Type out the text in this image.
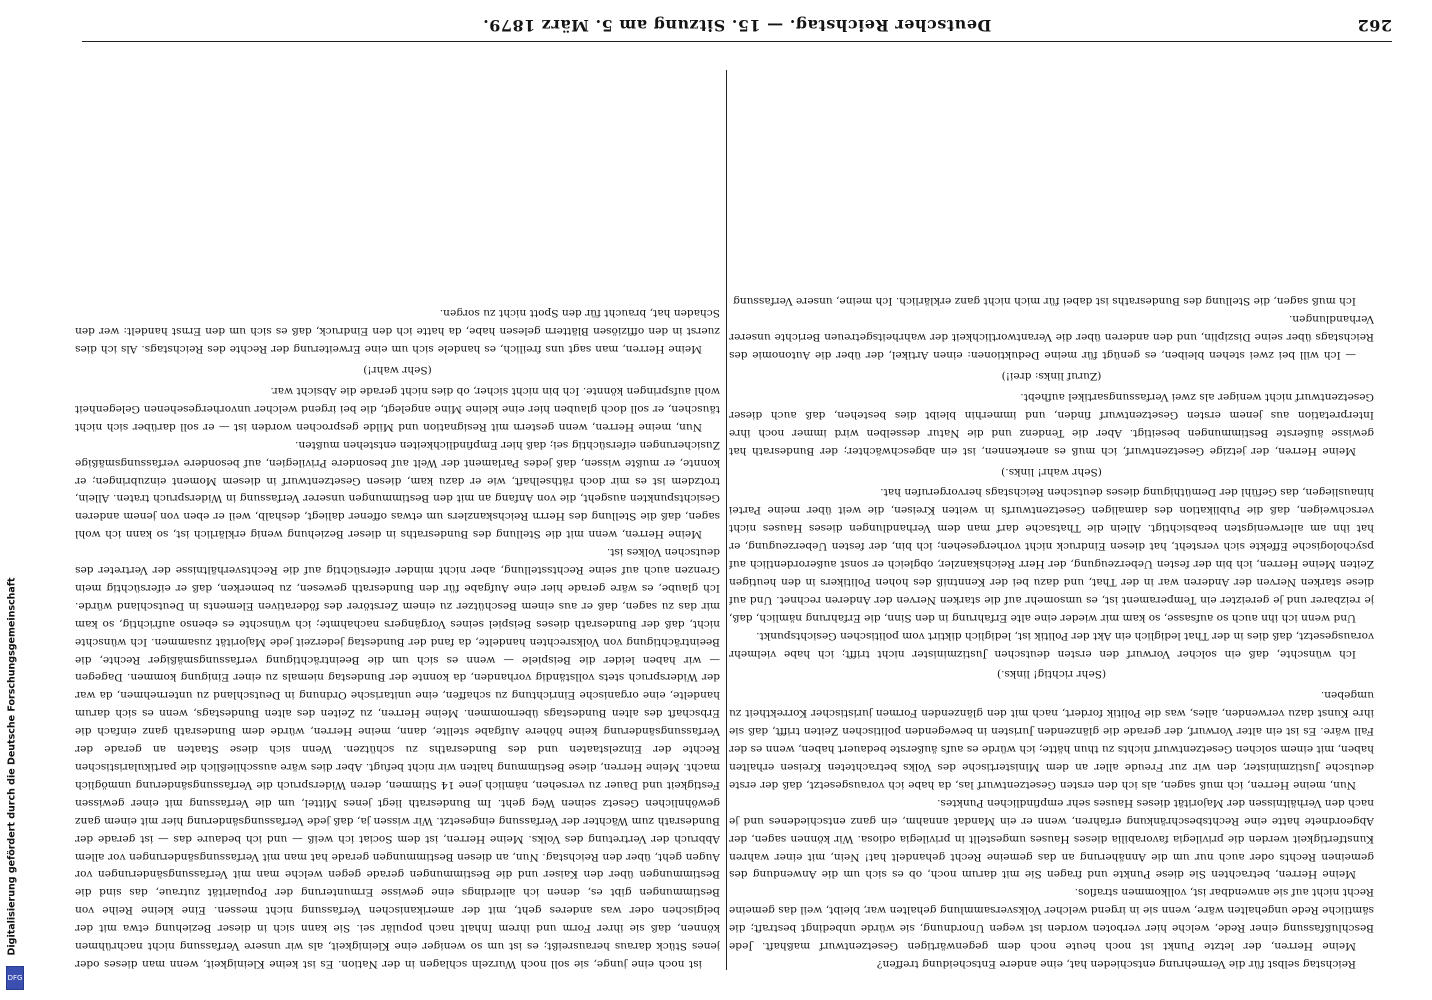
262
Deutscher Reichstag. — 15. Sitzung am 5. März 1879.

Reichstag selbst für die Vermehrung entschieden hat, eine andere Entscheidung treffen?

Meine Herren, der letzte Punkt ist noch heute noch dem gegenwärtigen Gesetzentwurf maßhaft. Jede Beschlußfassung einer Rede, welche hier verboten worden ist wegen Unordnung, sie würde unbedingt bestraft; die sämtliche Rede ungehalten wäre, wenn sie in irgend welcher Volksversammlung gehalten war, bleibt, weil das gemeine Recht nicht auf sie anwendbar ist, vollkommen straflos.

Meine Herren, betrachten Sie diese Punkte und fragen Sie mit darum noch, ob es sich um die Anwendung des gemeinen Rechts oder auch nur um die Annäherung an das gemeine Recht gehandelt hat! Nein, mit einer wahren Kunstfertigkeit werden die privilegia favorabilia dieses Hauses umgestellt in privilegia odiosa. Wir können sagen, der Abgeordnete hatte eine Rechtsbeschränkung erfahren, wenn er ein Mandat annahm, ein ganz entschiedenes und je nach den Verhältnissen der Majorität dieses Hauses sehr empfindlichen Punktes.

Nun, meine Herren, ich muß sagen, als ich den ersten Gesetzentwurf las, da habe ich vorausgesetzt, daß der erste deutsche Justizminister, den wir zur Freude aller an dem Ministertische des Volks betrachteten Kreisen erhalten haben, mit einem solchen Gesetzentwurf nichts zu thun hätte; ich würde es aufs äußerste bedauert haben, wenn es der Fall wäre. Es ist ein alter Vorwurf, der gerade die glänzenden Juristen in bewegenden politischen Zeiten trifft, daß sie ihre Kunst dazu verwenden, alles, was die Politik fordert, nach mit den glänzenden Formen juristischer Korrektheit zu umgeben.

(Sehr richtig! links.)

Ich wünschte, daß ein solcher Vorwurf den ersten deutschen Justizminister nicht trifft; ich habe vielmehr vorausgesetzt, daß dies in der That lediglich ein Akt der Politik ist, lediglich diktirt vom politischen Gesichtspunkt.

Und wenn ich ihn auch so aufsasse, so kam mir wieder eine alte Erfahrung in den Sinn, die Erfahrung nämlich, daß, je reizbarer und je gereizter ein Temperament ist, es umsomehr auf die starken Nerven der Anderen rechnet. Und auf diese starken Nerven der Anderen war in der That, und dazu bei der Kenntniß des hohen Politikers in den heutigen Zeiten Meine Herren, ich bin der festen Ueberzeugung, der Herr Reichskanzler, obgleich er sonst außerordentlich auf psychologische Effekte sich versteht, hat diesen Eindruck nicht vorhergesehen; ich bin, der festen Ueberzeugung, er hat ihn am allerwenigsten beabsichtigt. Allein die Thatsache darf man dem Verhandlungen dieses Hauses nicht verschweigen, daß die Publikation des damaligen Gesetzentwurfs in weiten Kreisen, die weit über meine Partei hinausliegen, das Gefühl der Demüthigung dieses deutschen Reichstags hervorgerufen hat.

(Sehr wahr! links.)

Meine Herren, der jetzige Gesetzentwurf, ich muß es anerkennen, ist ein abgeschwächter; der Bundesrath hat gewisse äußerste Bestimmungen beseitigt. Aber die Tendenz und die Natur desselben wird immer noch ihre Interpretation aus jenem ersten Gesetzentwurf finden, und immerhin bleibt dies bestehen, daß auch dieser Gesetzentwurf nicht weniger als zwei Verfassungsartikel aufhebt.

(Zuruf links: drei!)

— Ich will bei zwei stehen bleiben, es genügt für meine Deduktionen: einen Artikel, der über die Autonomie des Reichstags über seine Disziplin, und den anderen über die Verantwortlichkeit der wahrheitsgetreuen Berichte unserer Verhandlungen.

Ich muß sagen, die Stellung des Bundesraths ist dabei für mich nicht ganz erklärlich. Ich meine, unsere Verfassung

ist noch eine junge, sie soll noch Wurzeln schlagen in der Nation. Es ist keine Kleinigkeit, wenn man dieses oder jenes Stück daraus herausreißt; es ist um so weniger eine Kleinigkeit, als wir unsere Verfassung nicht nachrühmen können, daß sie ihrer Form und ihrem Inhalt nach populär sei. Sie kann sich in dieser Beziehung etwa mit der belgischen oder was anderes geht, mit der amerikanischen Verfassung nicht messen. Eine kleine Reihe von Bestimmungen gibt es, denen ich allerdings eine gewisse Ermunterung der Popularität zutraue, das sind die Bestimmungen über den Kaiser und die Bestimmungen gerade gegen welche man mit Verfassungsänderungen vor Augen geht, über den Reichstag. Nun, an diesen Bestimmungen gerade hat man mit Verfassungsänderungen vor allem Abbruch der Vertretung des Volks. Meine Herren, ist dem Sociat ich weiß — und ich bedaure das — ist gerade der Bundesrath zum Wächter der Verfassung eingesetzt. Wir wissen ja, daß jede Verfassungsänderung hier mit einem ganz gewöhnlichen Gesetz seinen Weg geht. Im Bundesrath liegt jenes Mittel, um die Verfassung mit einer gewissen Festigkeit und Dauer zu versehen, nämlich jene 14 Stimmen, deren Widerspruch die Verfassungsänderung unmöglich macht. Meine Herren, diese Bestimmung halten wir nicht befugt. Aber dies wäre ausschließlich die partikularistischen Rechte der Einzelstaaten und des Bundesraths zu schützen. Wenn sich diese Staaten an gerade der Verfassungsänderung keine höhere Aufgabe stellte, dann, meine Herren, würde dem Bundesrath ganz einfach die Erbschaft des alten Bundestags übernommen. Meine Herren, zu Zeiten des alten Bundestags, wenn es sich darum handelte, eine organische Einrichtung zu schaffen, eine unitarische Ordnung in Deutschland zu unternehmen, da war der Widerspruch stets vollständig vorhanden, da konnte der Bundestag niemals zu einer Einigung kommen. Dagegen — wir haben leider die Beispiele — wenn es sich um die Beeinträchtigung verfassungsmäßiger Rechte, die Beeinträchtigung von Volksrechten handelte, da fand der Bundestag jederzeit jede Majorität zusammen. Ich wünschte nicht, daß der Bundesrath dieses Beispiel seines Vorgängers nachahmte; ich wünschte es ebenso aufrichtig, so kam mir das zu sagen, daß er aus einem Beschützer zu einem Zerstörer des föderativen Elements in Deutschland würde. Ich glaube, es wäre gerade hier eine Aufgabe für den Bundesrath gewesen, zu bemerken, daß er eifersüchtig mein Grenzen auch auf seine Rechtsstellung, aber nicht minder eifersüchtig auf die Rechtsverhältnisse der Vertreter des deutschen Volkes ist.

Meine Herren, wenn mit die Stellung des Bundesraths in dieser Beziehung wenig erklärlich ist, so kann ich wohl sagen, daß die Stellung des Herrn Reichskanzlers um etwas offener daliegt, deshalb, weil er eben von jenem anderen Gesichtspunkten ausgeht, die von Anfang an mit den Bestimmungen unserer Verfassung in Widerspruch traten. Allein, trotzdem ist es mir doch räthselhaft, wie er dazu kam, diesen Gesetzentwurf in diesem Moment einzubringen; er konnte, er mußte wissen, daß jedes Parlament der Welt auf besondere Privilegien, auf besondere verfassungsmäßige Zusicherungen eifersüchtig sei; daß hier Empfindlichkeiten entstehen mußten.

Nun, meine Herren, wenn gestern mit Resignation und Milde gesprochen worden ist — er soll darüber sich nicht täuschen, er soll doch glauben hier eine kleine Mine angelegt, die bei irgend welcher unvorhergesehenen Gelegenheit wohl aufspringen könnte. Ich bin nicht sicher, ob dies nicht gerade die Absicht war.

(Sehr wahr!)

Meine Herren, man sagt uns freilich, es handele sich um eine Erweiterung der Rechte des Reichstags. Als ich dies zuerst in den offiziösen Blättern gelesen habe, da hatte ich den Eindruck, daß es sich um den Ernst handelt: wer den Schaden hat, braucht für den Spott nicht zu sorgen.

Digitalisierung gefördert durch die Deutsche Forschungsgemeinschaft
DFG
